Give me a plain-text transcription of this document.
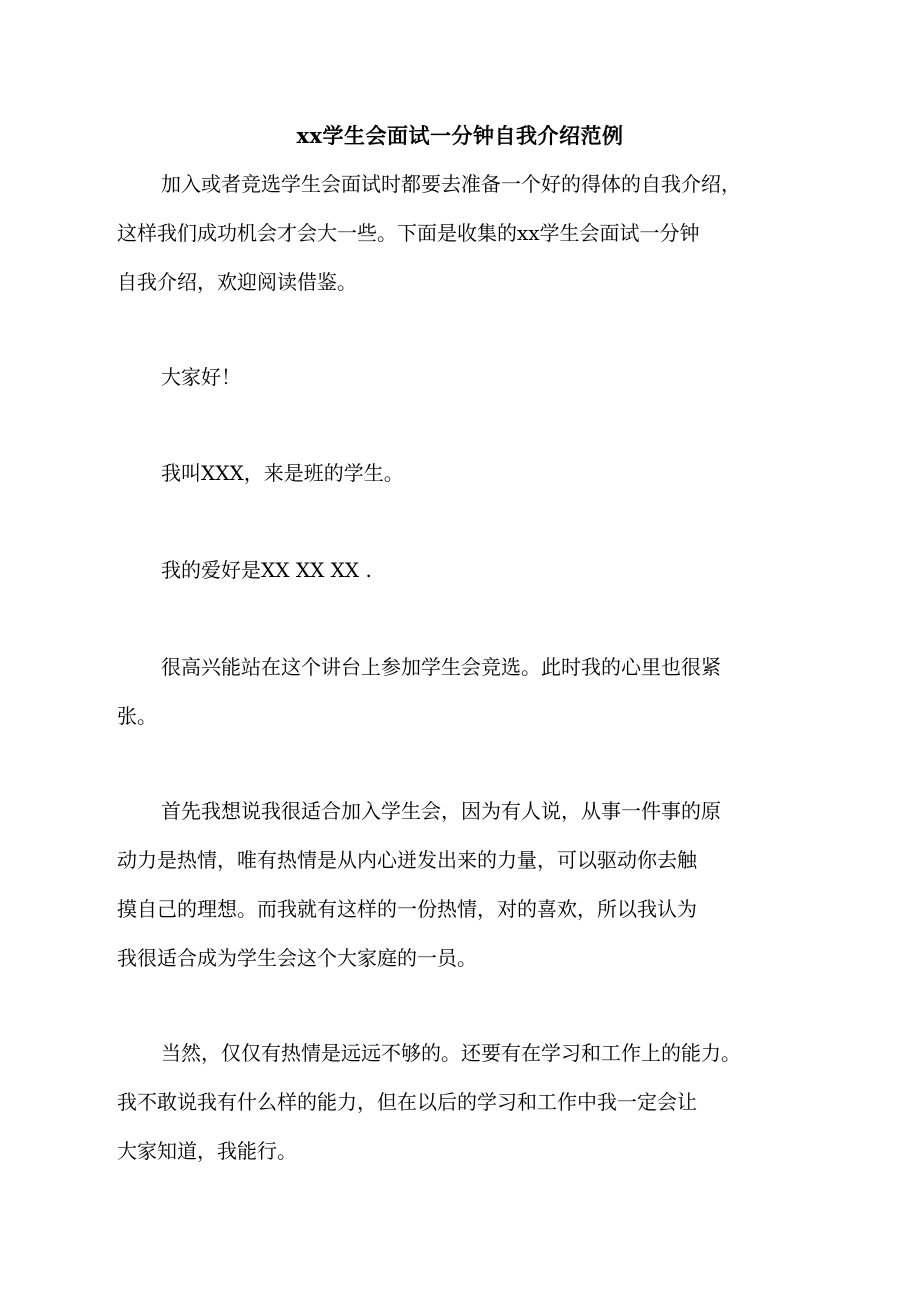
xx学生会面试一分钟自我介绍范例

加入或者竞选学生会面试时都要去准备一个好的得体的自我介绍，
这样我们成功机会才会大一些。下面是收集的xx学生会面试一分钟
自我介绍，欢迎阅读借鉴。

大家好！

我叫XXX，来是班的学生。

我的爱好是XX XX XX .

很高兴能站在这个讲台上参加学生会竞选。此时我的心里也很紧
张。

首先我想说我很适合加入学生会，因为有人说，从事一件事的原
动力是热情，唯有热情是从内心迸发出来的力量，可以驱动你去触
摸自己的理想。而我就有这样的一份热情，对的喜欢，所以我认为
我很适合成为学生会这个大家庭的一员。

当然，仅仅有热情是远远不够的。还要有在学习和工作上的能力。
我不敢说我有什么样的能力，但在以后的学习和工作中我一定会让
大家知道，我能行。
